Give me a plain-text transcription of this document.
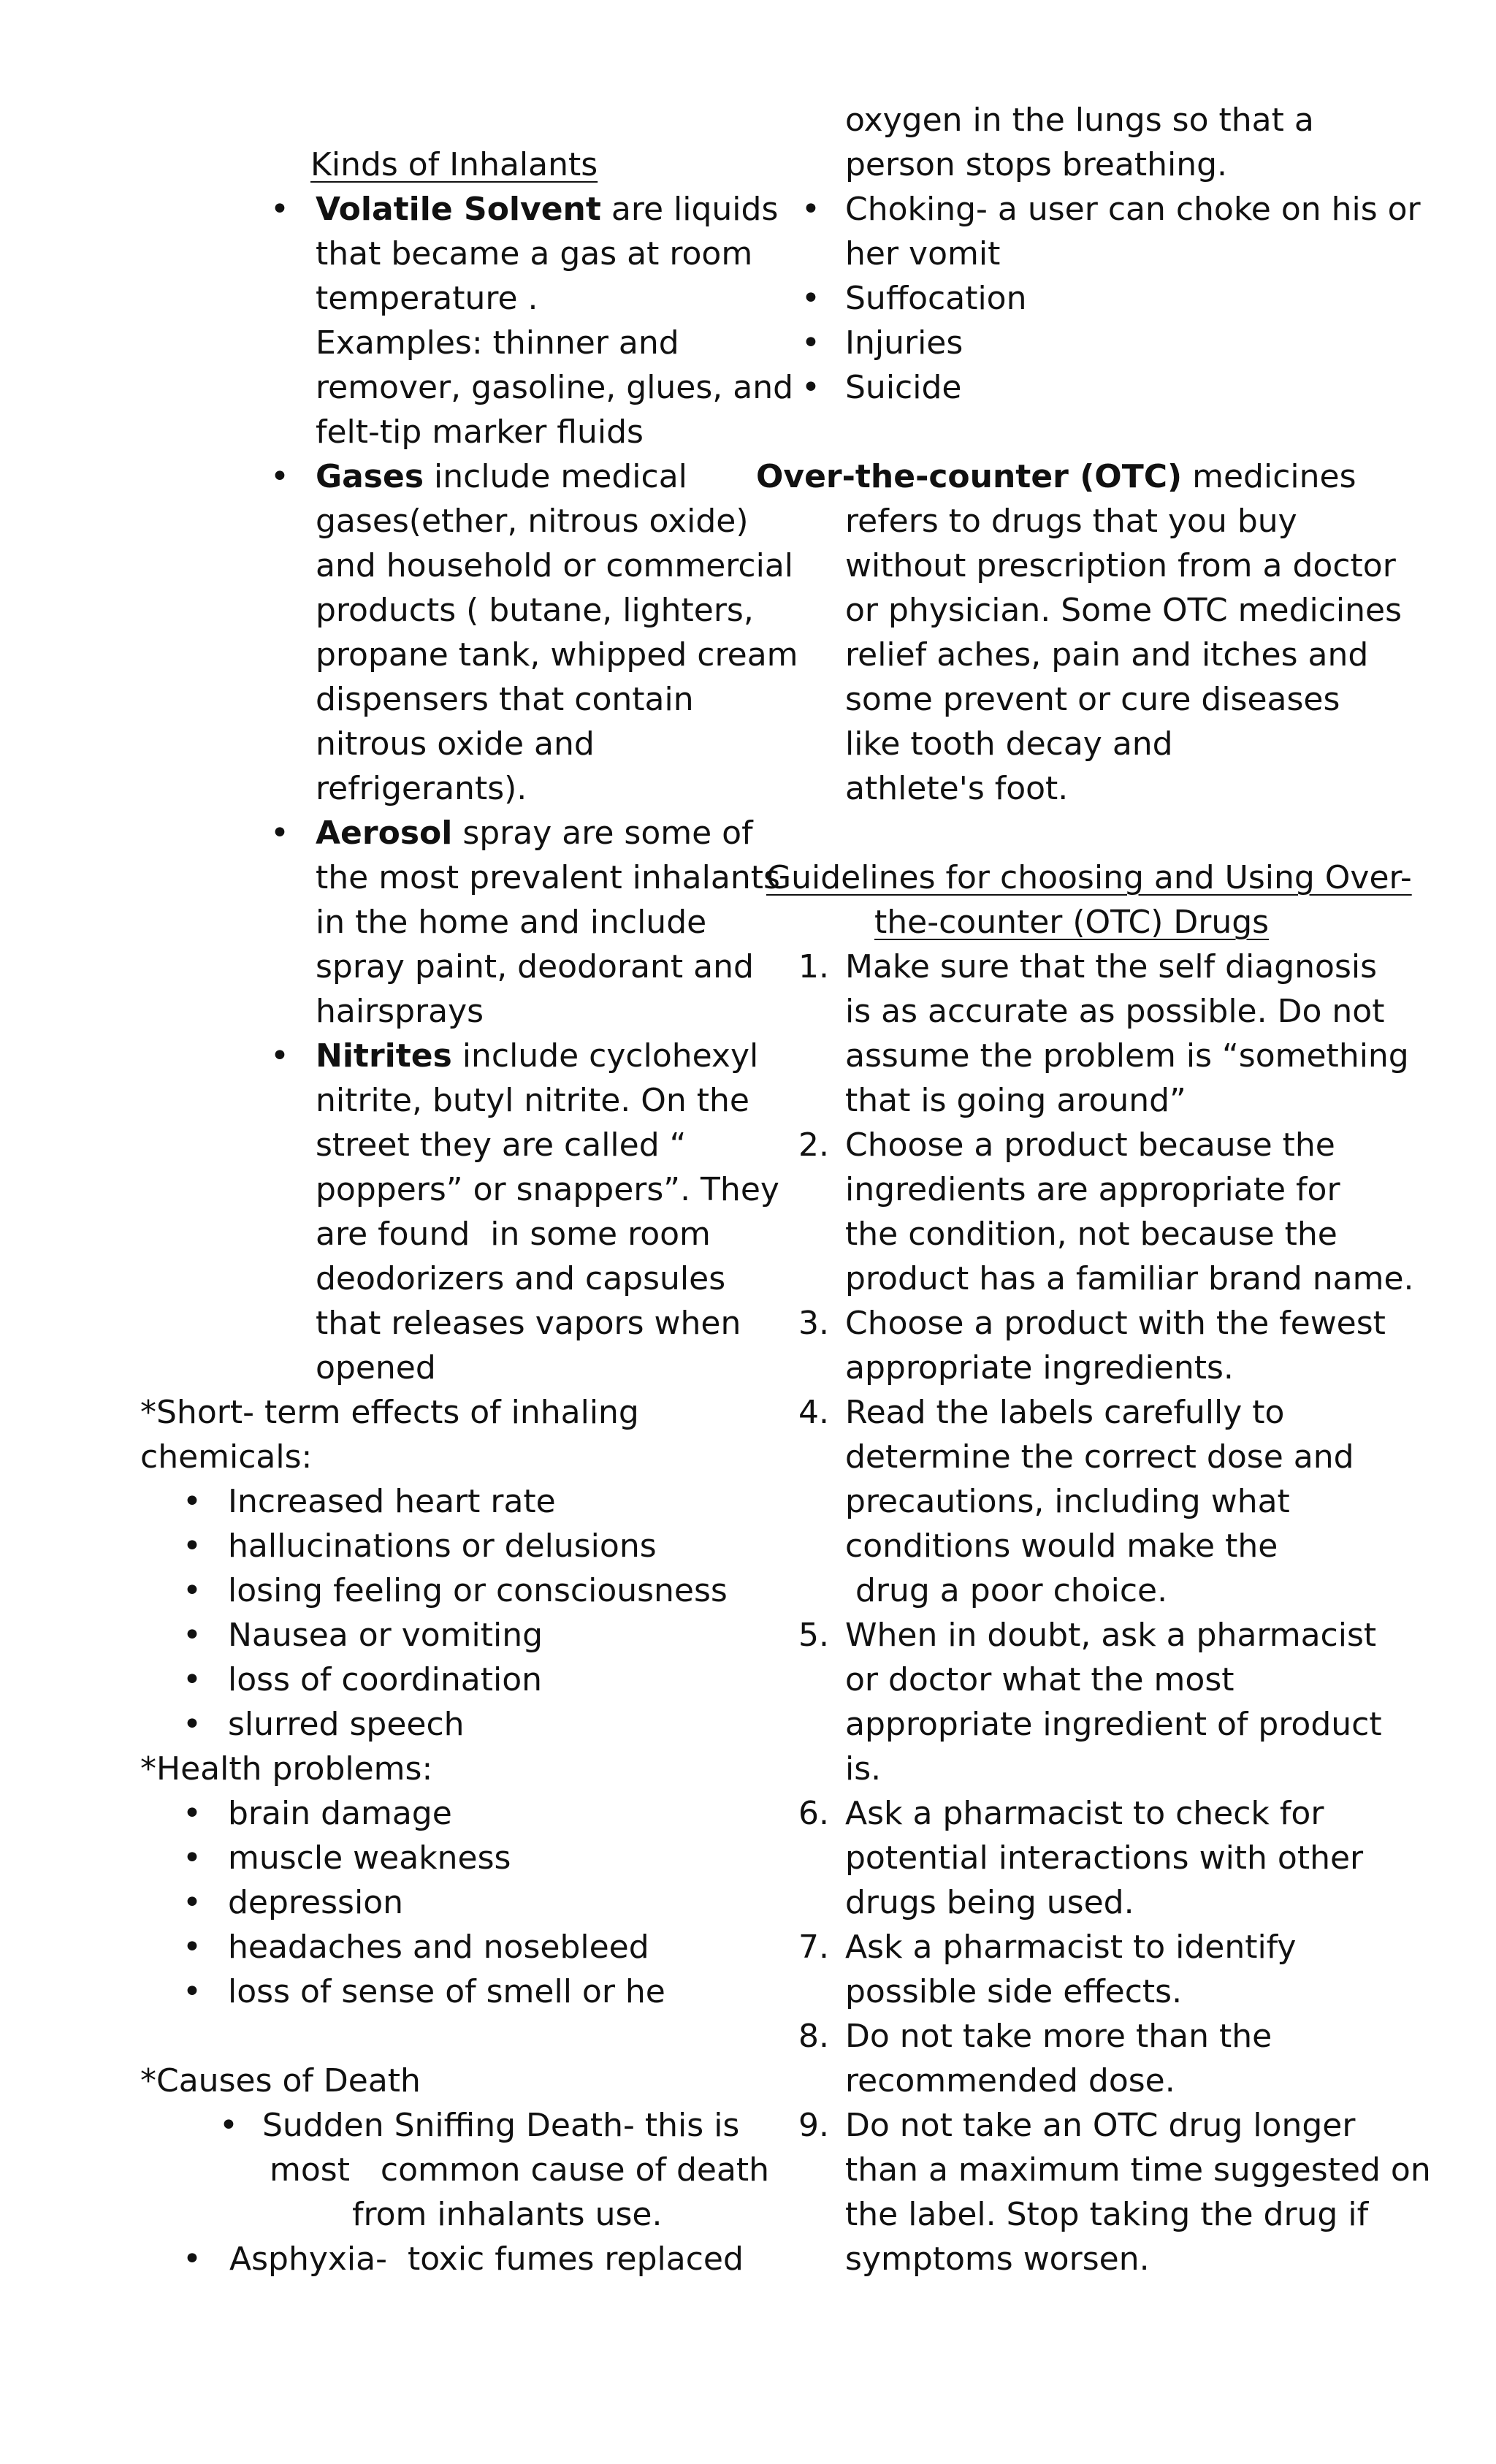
Kinds of Inhalants
• Volatile Solvent are liquids
that became a gas at room
temperature .
Examples: thinner and
remover, gasoline, glues, and
felt-tip marker fluids
• Gases include medical
gases(ether, nitrous oxide)
and household or commercial
products ( butane, lighters,
propane tank, whipped cream
dispensers that contain
nitrous oxide and
refrigerants).
• Aerosol spray are some of
the most prevalent inhalants
in the home and include
spray paint, deodorant and
hairsprays
• Nitrites include cyclohexyl
nitrite, butyl nitrite. On the
street they are called “
poppers” or snappers”. They
are found  in some room
deodorizers and capsules
that releases vapors when
opened
*Short- term effects of inhaling
chemicals:
• Increased heart rate
• hallucinations or delusions
• losing feeling or consciousness
• Nausea or vomiting
• loss of coordination
• slurred speech
*Health problems:
• brain damage
• muscle weakness
• depression
• headaches and nosebleed
• loss of sense of smell or he
*Causes of Death
• Sudden Sniffing Death- this is
most   common cause of death
from inhalants use.
• Asphyxia-  toxic fumes replaced
oxygen in the lungs so that a
person stops breathing.
• Choking- a user can choke on his or
her vomit
• Suffocation
• Injuries
• Suicide
Over-the-counter (OTC) medicines
refers to drugs that you buy
without prescription from a doctor
or physician. Some OTC medicines
relief aches, pain and itches and
some prevent or cure diseases
like tooth decay and
athlete's foot.
Guidelines for choosing and Using Over-
the-counter (OTC) Drugs
1. Make sure that the self diagnosis
is as accurate as possible. Do not
assume the problem is “something
that is going around”
2. Choose a product because the
ingredients are appropriate for
the condition, not because the
product has a familiar brand name.
3. Choose a product with the fewest
appropriate ingredients.
4. Read the labels carefully to
determine the correct dose and
precautions, including what
conditions would make the
drug a poor choice.
5. When in doubt, ask a pharmacist
or doctor what the most
appropriate ingredient of product
is.
6. Ask a pharmacist to check for
potential interactions with other
drugs being used.
7. Ask a pharmacist to identify
possible side effects.
8. Do not take more than the
recommended dose.
9. Do not take an OTC drug longer
than a maximum time suggested on
the label. Stop taking the drug if
symptoms worsen.
